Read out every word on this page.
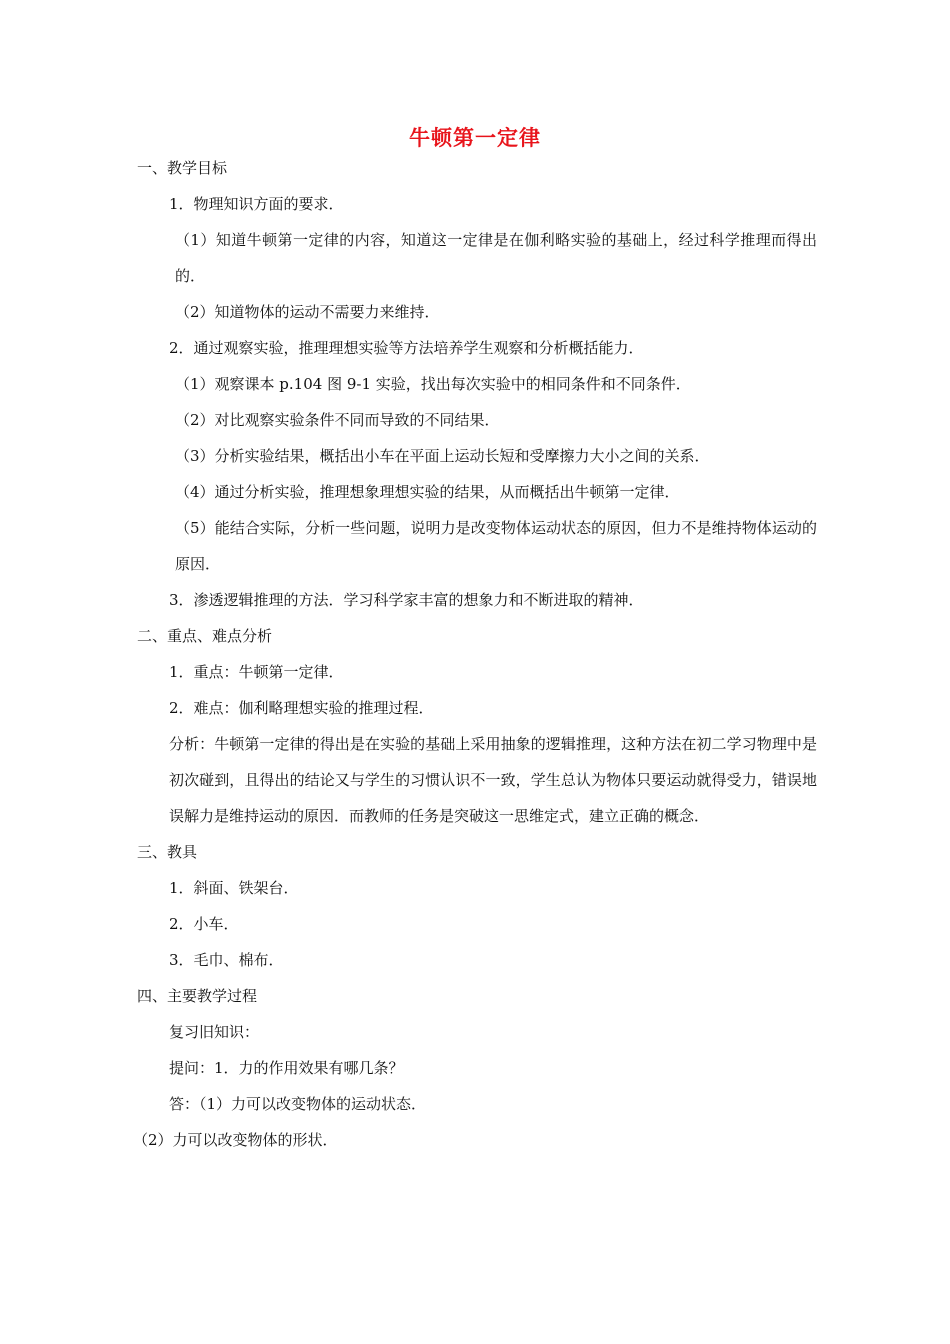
牛顿第一定律

一、教学目标

1．物理知识方面的要求．

（1）知道牛顿第一定律的内容，知道这一定律是在伽利略实验的基础上，经过科学推理而得出的．

（2）知道物体的运动不需要力来维持．

2．通过观察实验，推理理想实验等方法培养学生观察和分析概括能力．

（1）观察课本 p.104 图 9-1 实验，找出每次实验中的相同条件和不同条件．

（2）对比观察实验条件不同而导致的不同结果．

（3）分析实验结果，概括出小车在平面上运动长短和受摩擦力大小之间的关系．

（4）通过分析实验，推理想象理想实验的结果，从而概括出牛顿第一定律．

（5）能结合实际，分析一些问题，说明力是改变物体运动状态的原因，但力不是维持物体运动的原因．

3．渗透逻辑推理的方法．学习科学家丰富的想象力和不断进取的精神．

二、重点、难点分析

1．重点：牛顿第一定律．

2．难点：伽利略理想实验的推理过程．

分析：牛顿第一定律的得出是在实验的基础上采用抽象的逻辑推理，这种方法在初二学习物理中是初次碰到，且得出的结论又与学生的习惯认识不一致，学生总认为物体只要运动就得受力，错误地误解力是维持运动的原因．而教师的任务是突破这一思维定式，建立正确的概念．

三、教具

1．斜面、铁架台．

2．小车．

3．毛巾、棉布．

四、主要教学过程

复习旧知识：

提问：1．力的作用效果有哪几条？

答：（1）力可以改变物体的运动状态．

（2）力可以改变物体的形状．
